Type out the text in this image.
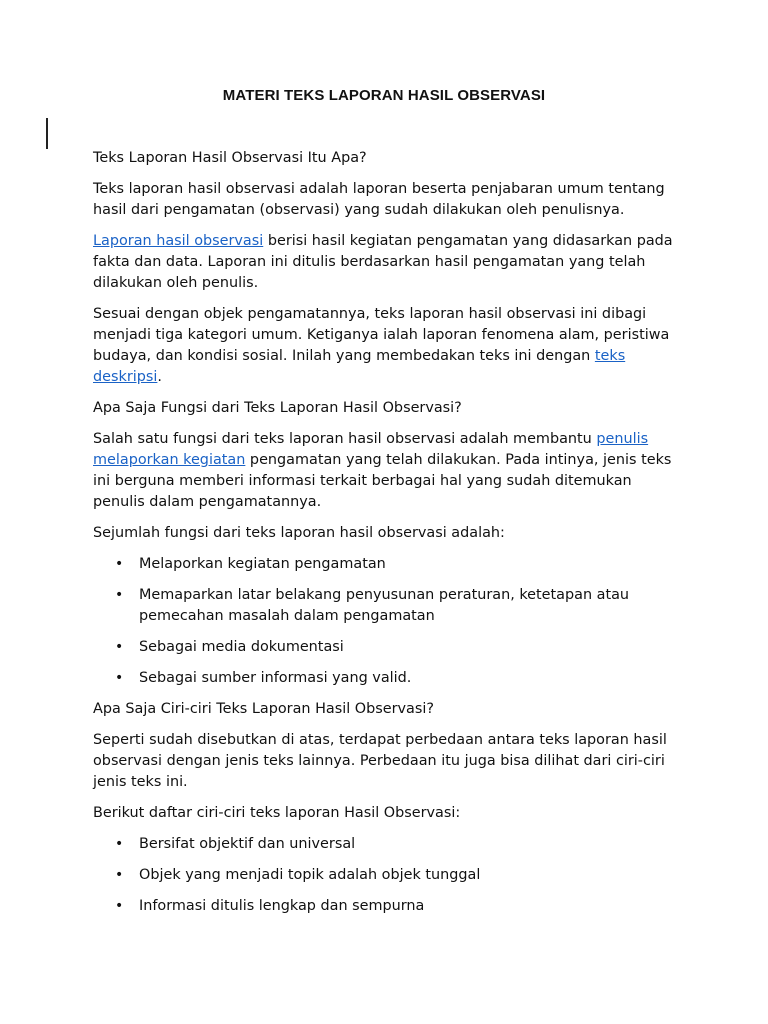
MATERI TEKS LAPORAN HASIL OBSERVASI

Teks Laporan Hasil Observasi Itu Apa?

Teks laporan hasil observasi adalah laporan beserta penjabaran umum tentang hasil dari pengamatan (observasi) yang sudah dilakukan oleh penulisnya.

Laporan hasil observasi berisi hasil kegiatan pengamatan yang didasarkan pada fakta dan data. Laporan ini ditulis berdasarkan hasil pengamatan yang telah dilakukan oleh penulis.

Sesuai dengan objek pengamatannya, teks laporan hasil observasi ini dibagi menjadi tiga kategori umum. Ketiganya ialah laporan fenomena alam, peristiwa budaya, dan kondisi sosial. Inilah yang membedakan teks ini dengan teks deskripsi.

Apa Saja Fungsi dari Teks Laporan Hasil Observasi?

Salah satu fungsi dari teks laporan hasil observasi adalah membantu penulis melaporkan kegiatan pengamatan yang telah dilakukan. Pada intinya, jenis teks ini berguna memberi informasi terkait berbagai hal yang sudah ditemukan penulis dalam pengamatannya.

Sejumlah fungsi dari teks laporan hasil observasi adalah:

• Melaporkan kegiatan pengamatan
• Memaparkan latar belakang penyusunan peraturan, ketetapan atau pemecahan masalah dalam pengamatan
• Sebagai media dokumentasi
• Sebagai sumber informasi yang valid.

Apa Saja Ciri-ciri Teks Laporan Hasil Observasi?

Seperti sudah disebutkan di atas, terdapat perbedaan antara teks laporan hasil observasi dengan jenis teks lainnya. Perbedaan itu juga bisa dilihat dari ciri-ciri jenis teks ini.

Berikut daftar ciri-ciri teks laporan Hasil Observasi:

• Bersifat objektif dan universal
• Objek yang menjadi topik adalah objek tunggal
• Informasi ditulis lengkap dan sempurna
